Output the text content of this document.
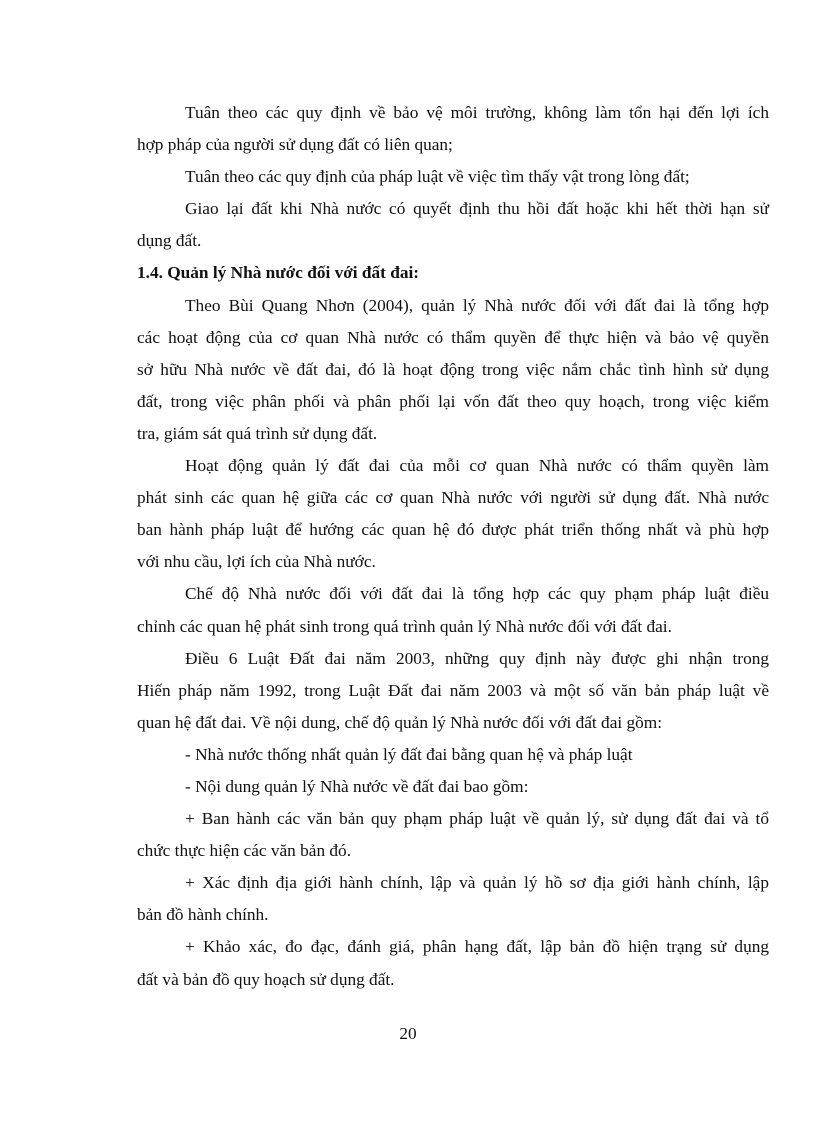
Tuân theo các quy định về bảo vệ môi trường, không làm tổn hại đến lợi ích
hợp pháp của người sử dụng đất có liên quan;
Tuân theo các quy định của pháp luật về việc tìm thấy vật trong lòng đất;
Giao lại đất khi Nhà nước có quyết định thu hồi đất hoặc khi hết thời hạn sử
dụng đất.
1.4. Quản lý Nhà nước đối với đất đai:
Theo Bùi Quang Nhơn (2004), quản lý Nhà nước đối với đất đai là tổng hợp
các hoạt động của cơ quan Nhà nước có thẩm quyền để thực hiện và bảo vệ quyền
sở hữu Nhà nước về đất đai, đó là hoạt động trong việc nắm chắc tình hình sử dụng
đất, trong việc phân phối và phân phối lại vốn đất theo quy hoạch, trong việc kiểm
tra, giám sát quá trình sử dụng đất.
Hoạt động quản lý đất đai của mỗi cơ quan Nhà nước có thẩm quyền làm
phát sinh các quan hệ giữa các cơ quan Nhà nước với người sử dụng đất. Nhà nước
ban hành pháp luật để hướng các quan hệ đó được phát triển thống nhất và phù hợp
với nhu cầu, lợi ích của Nhà nước.
Chế độ Nhà nước đối với đất đai là tổng hợp các quy phạm pháp luật điều
chỉnh các quan hệ phát sinh trong quá trình quản lý Nhà nước đối với đất đai.
Điều 6 Luật Đất đai năm 2003, những quy định này được ghi nhận trong
Hiến pháp năm 1992, trong Luật Đất đai năm 2003 và một số văn bản pháp luật về
quan hệ đất đai. Về nội dung, chế độ quản lý Nhà nước đối với đất đai gồm:
- Nhà nước thống nhất quản lý đất đai bằng quan hệ và pháp luật
- Nội dung quản lý Nhà nước về đất đai bao gồm:
+ Ban hành các văn bản quy phạm pháp luật về quản lý, sử dụng đất đai và tổ
chức thực hiện các văn bản đó.
+ Xác định địa giới hành chính, lập và quản lý hồ sơ địa giới hành chính, lập
bản đồ hành chính.
+ Khảo xác, đo đạc, đánh giá, phân hạng đất, lập bản đồ hiện trạng sử dụng
đất và bản đồ quy hoạch sử dụng đất.
20
